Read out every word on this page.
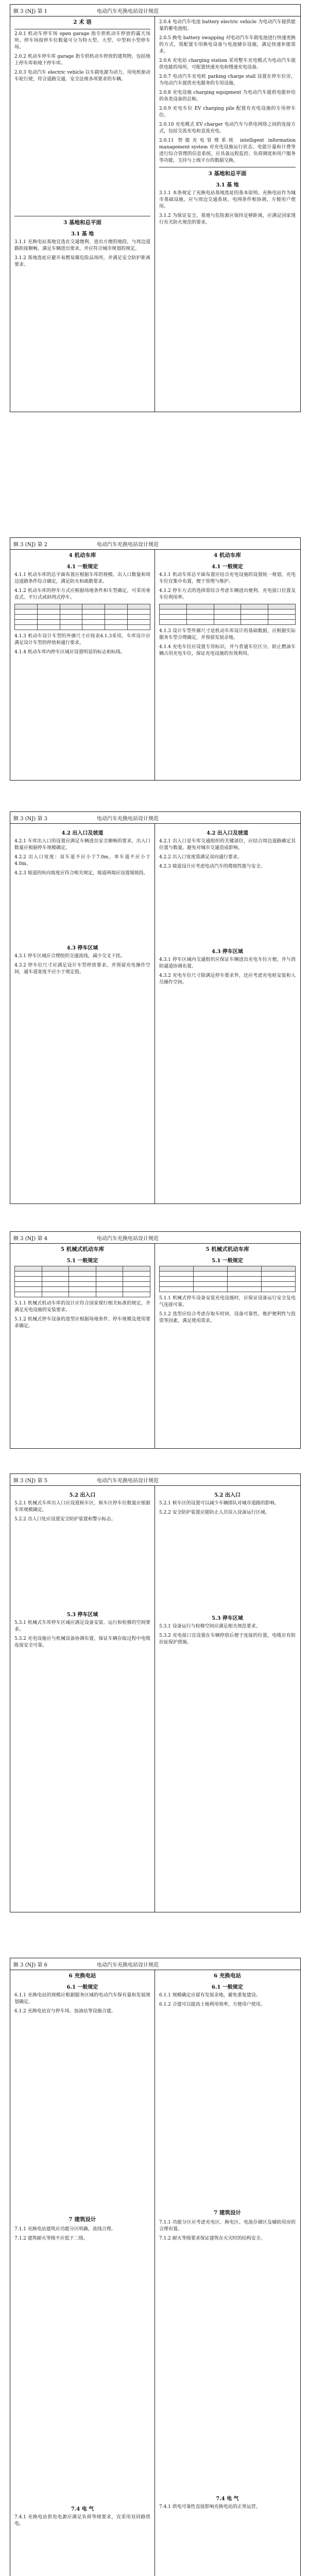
额 3 (NJ) 第 1	电动汽车充换电站设计规范
2 术 语

2.0.1 机动车停车场 open garage 指专供机动车停放的露天场所。停车场按停车位数量可分为特大型、大型、中型和小型停车场。

2.0.2 机动车停车库 garage 指专供机动车停放的建筑物，包括地上停车库和地下停车库。

2.0.3 电动汽车 electric vehicle 以车载电源为动力，用电机驱动车轮行驶，符合道路交通、安全法规各项要求的车辆。

3 基地和总平面
3.1 基 地

3.1.1 充换电站基地宜选在交通便利、进出方便的地段，与周边道路衔接顺畅，满足车辆进出要求，并应符合城市规划的规定。

3.1.2 基地选址应避开易燃易爆危险品场所，并满足安全防护距离要求。

2.0.4 电动汽车电池 battery electric vehicle 为电动汽车提供能量的蓄电池组。

2.0.5 换电 battery swapping 对电动汽车车载电池进行快速更换的方式，需配置专用换电设备与电池储存设施，满足快速补能需求。

2.0.6 充电站 charging station 采用整车充电模式为电动汽车提供电能的场所，可配置快速充电和慢速充电设备。

2.0.7 电动汽车充电桩 parking charge stall 设置在停车位旁，为电动汽车提供充电服务的专用设施。

2.0.8 充电设施 charging equipment 为电动汽车提供电能补给的各类设备的总称。

2.0.9 充电车位 EV charging pile 配置有充电设施的专用停车位。

2.0.10 充电模式 EV charger 电动汽车与供电网络之间的连接方式，包括交流充电和直流充电。

2.0.11 智能充电管理系统 intelligent information management system 对充电设施运行状态、电能计量和计费等进行综合管理的信息系统，应具备远程监控、负荷调度和用户服务等功能，支持与上级平台的数据交换。

3 基地和总平面
3.1 基 地

3.1.1 本条规定了充换电站基地选址的基本原则。充换电站作为城市基础设施，应与周边交通系统、电网条件相协调，方便用户使用。

3.1.2 为保证安全，基地与危险源应保持足够距离，应满足国家现行有关防火规范的要求。

额 3 (NJ) 第 2	电动汽车充换电站设计规范
4 机动车库
4.1 一般规定

4.1.1 机动车库的总平面布置应根据车库的规模、出入口数量和周边道路条件综合确定，满足防火和疏散要求。

4.1.2 机动车库的停车方式应根据场地条件和车型确定，可采用垂直式、平行式或斜列式停车。

4.1.3 机动车设计车型的外廓尺寸应按表4.1.3采用，车库设计应满足设计车型的停放和通行要求。

4.1.4 机动车库内停车区域应设置明显的标志和标线。

4 机动车库
4.1 一般规定

4.1.1 机动车库总平面布置应结合充电设施的设置统一规划，充电车位宜集中布置，便于管理与维护。

4.1.2 停车方式的选择需综合考虑车辆进出便利、充电接口位置及车位利用率。

4.1.3 设计车型外廓尺寸是机动车库设计的基础数据，应根据实际服务车型合理确定，并预留发展余地。

4.1.4 充电车位应设置专用标识，并与普通车位区分，防止燃油车辆占用充电车位，保证充电设施的有效利用。

额 3 (NJ) 第 3	电动汽车充换电站设计规范
4.2 出入口及坡道

4.2.1 车库出入口的设置应满足车辆进出安全顺畅的要求，出入口数量应根据停车规模确定。

4.2.2 出入口宽度：双车道不应小于7.0m，单车道不应小于4.0m。

4.2.3 坡道的纵向坡度应符合相关规定，坡道两端应设置缓坡段。

4.3 停车区域

4.3.1 停车区域应合理组织交通流线，减少交叉干扰。

4.3.2 停车位尺寸应满足设计车型停放要求，并预留充电操作空间，通车道宽度不应小于规定值。

4.2 出入口及坡道

4.2.1 出入口是车库交通组织的关键部位，应结合周边道路确定其位置与数量，避免对城市交通造成影响。

4.2.2 出入口宽度需满足双向通行要求。

4.2.3 坡道设计应考虑电动汽车的爬坡性能与安全。

4.3 停车区域

4.3.1 停车区域内交通组织应保证车辆进出充电车位方便，并与消防通道协调布置。

4.3.2 充电车位尺寸除满足停车要求外，还应考虑充电桩安装和人员操作空间。

额 3 (NJ) 第 4	电动汽车充换电站设计规范
5 机械式机动车库
5.1 一般规定

5.1.1 机械式机动车库的设计应符合国家现行相关标准的规定，并满足充电设施的安装要求。

5.1.2 机械式停车设备的选型应根据场地条件、停车规模及使用要求确定。

5 机械式机动车库
5.1 一般规定

5.1.1 机械式停车设备安装充电设施时，应保证设备运行安全及电气连接可靠。

5.1.2 选型应综合考虑存取车时间、设备可靠性、维护便利性与投资等因素，满足使用需求。

额 3 (NJ) 第 5	电动汽车充换电站设计规范
5.2 出入口

5.2.1 机械式车库出入口应设置候车区，候车区停车位数量应根据车库规模确定。

5.2.2 出入口处应设置安全防护装置和警示标志。

5.3 停车区域

5.3.1 机械式车库停车区域应满足设备安装、运行和检修的空间要求。

5.3.2 充电设施应与机械设备协调布置，保证车辆存取过程中电缆连接安全可靠。

5.2 出入口

5.2.1 候车区的设置可以减少车辆排队对城市道路的影响。

5.2.2 安全防护装置应能防止人员误入设备运行区域。

5.3 停车区域

5.3.1 设备运行与检修空间应满足相关规范要求。

5.3.2 充电接口宜设置在车辆停放后便于连接的位置，电缆应有防拉扯保护措施。

额 3 (NJ) 第 6	电动汽车充换电站设计规范
6 充换电站
6.1 一般规定

6.1.1 充换电站的规模应根据服务区域的电动汽车保有量和发展规划确定。

6.1.2 充换电站宜与停车场、加油站等设施合建。

7 建筑设计

7.1.1 充换电站建筑应功能分区明确，流线合理。

7.1.2 建筑耐火等级不应低于二级。

7.4 电 气

7.4.1 充换电站供电电源应满足负荷等级要求，宜采用双回路供电。

6 充换电站
6.1 一般规定

6.1.1 规模确定应留有发展余地，避免重复建设。

6.1.2 合建可以提高土地利用效率，方便用户使用。

7 建筑设计

7.1.1 功能分区应考虑充电区、换电区、电池存储区及辅助用房的合理布置。

7.1.2 耐火等级要求保证建筑在火灾时的结构安全。

7.4 电 气

7.4.1 供电可靠性直接影响充换电站的正常运营。
